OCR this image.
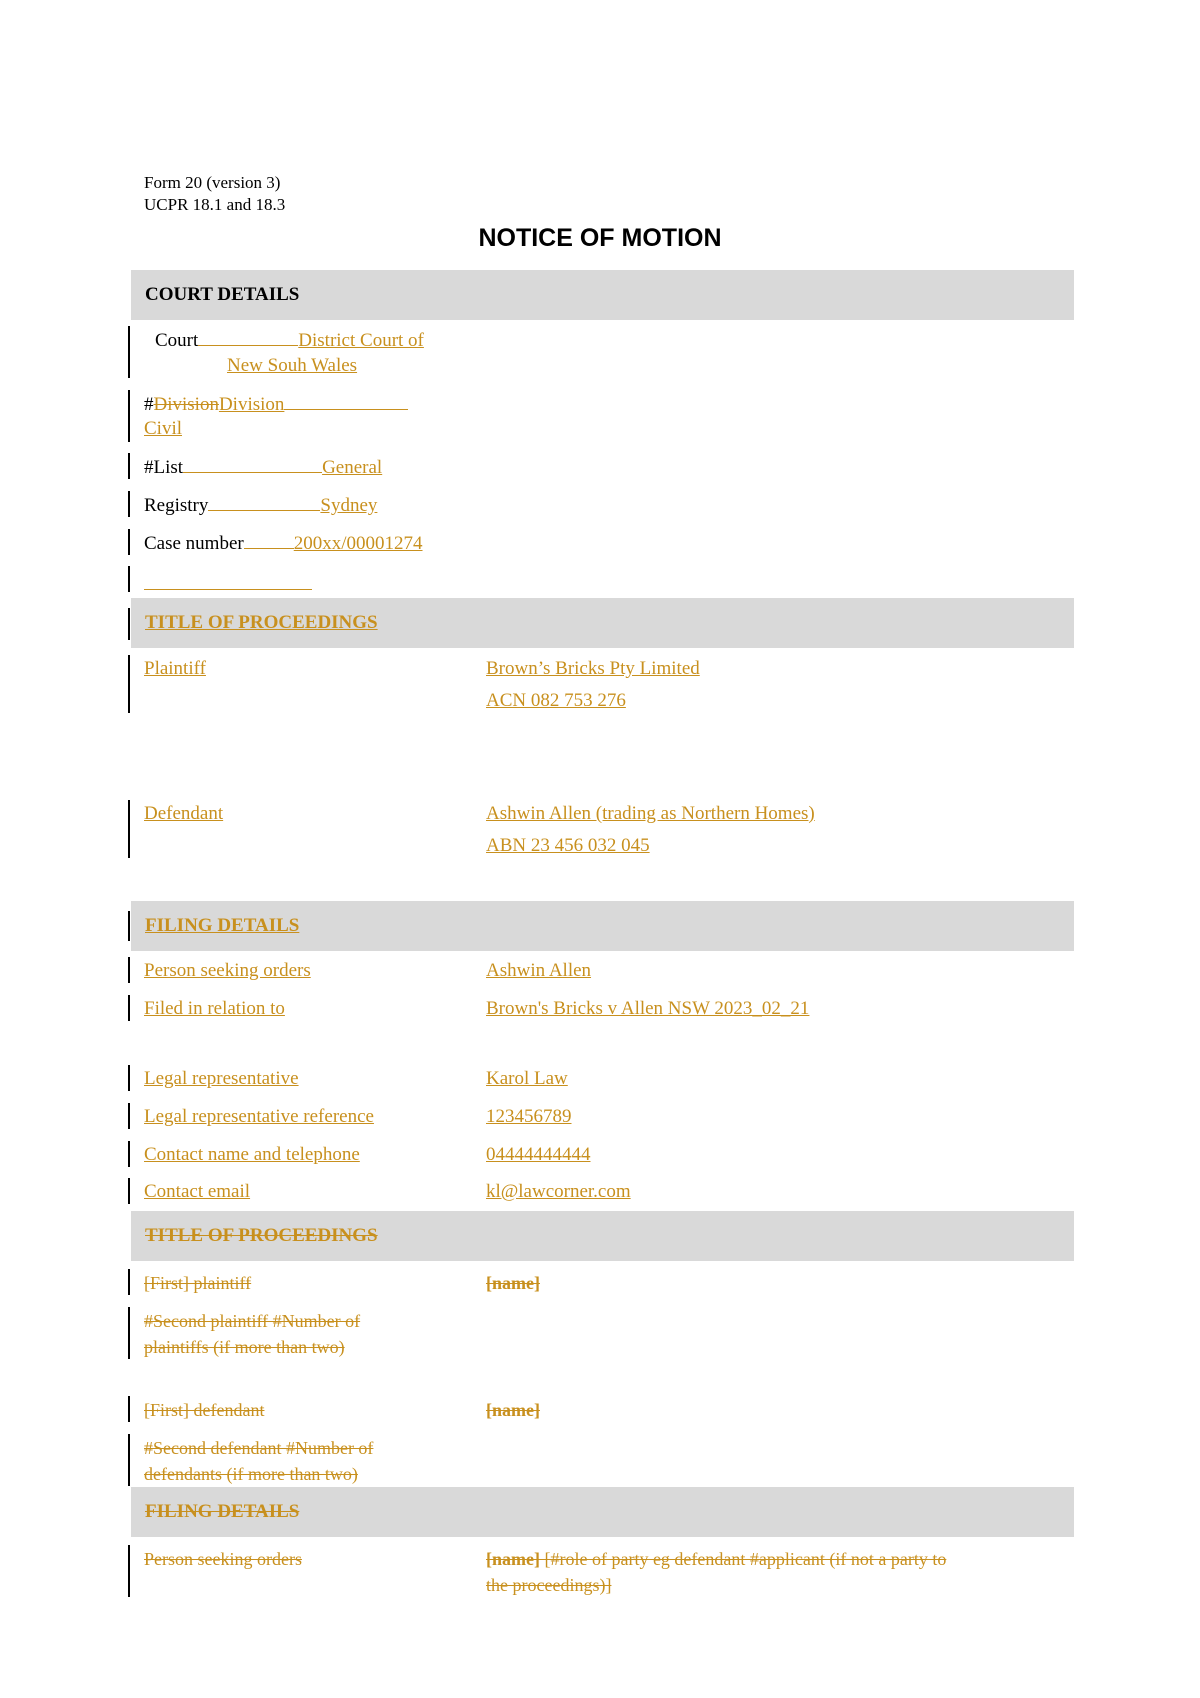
Form 20 (version 3)
UCPR 18.1 and 18.3
NOTICE OF MOTION
COURT DETAILS
Court	District Court of
New Souh Wales
#DivisionDivision
Civil
#List	General
Registry	Sydney
Case number	200xx/00001274
TITLE OF PROCEEDINGS
Plaintiff	Brown’s Bricks Pty Limited
ACN 082 753 276
Defendant	Ashwin Allen (trading as Northern Homes)
ABN 23 456 032 045
FILING DETAILS
Person seeking orders	Ashwin Allen
Filed in relation to	Brown's Bricks v Allen NSW 2023_02_21
Legal representative	Karol Law
Legal representative reference	123456789
Contact name and telephone	04444444444
Contact email	kl@lawcorner.com
TITLE OF PROCEEDINGS
[First] plaintiff	[name]
#Second plaintiff #Number of
plaintiffs (if more than two)
[First] defendant	[name]
#Second defendant #Number of
defendants (if more than two)
FILING DETAILS
Person seeking orders	[name] [#role of party eg defendant #applicant (if not a party to
the proceedings)]
